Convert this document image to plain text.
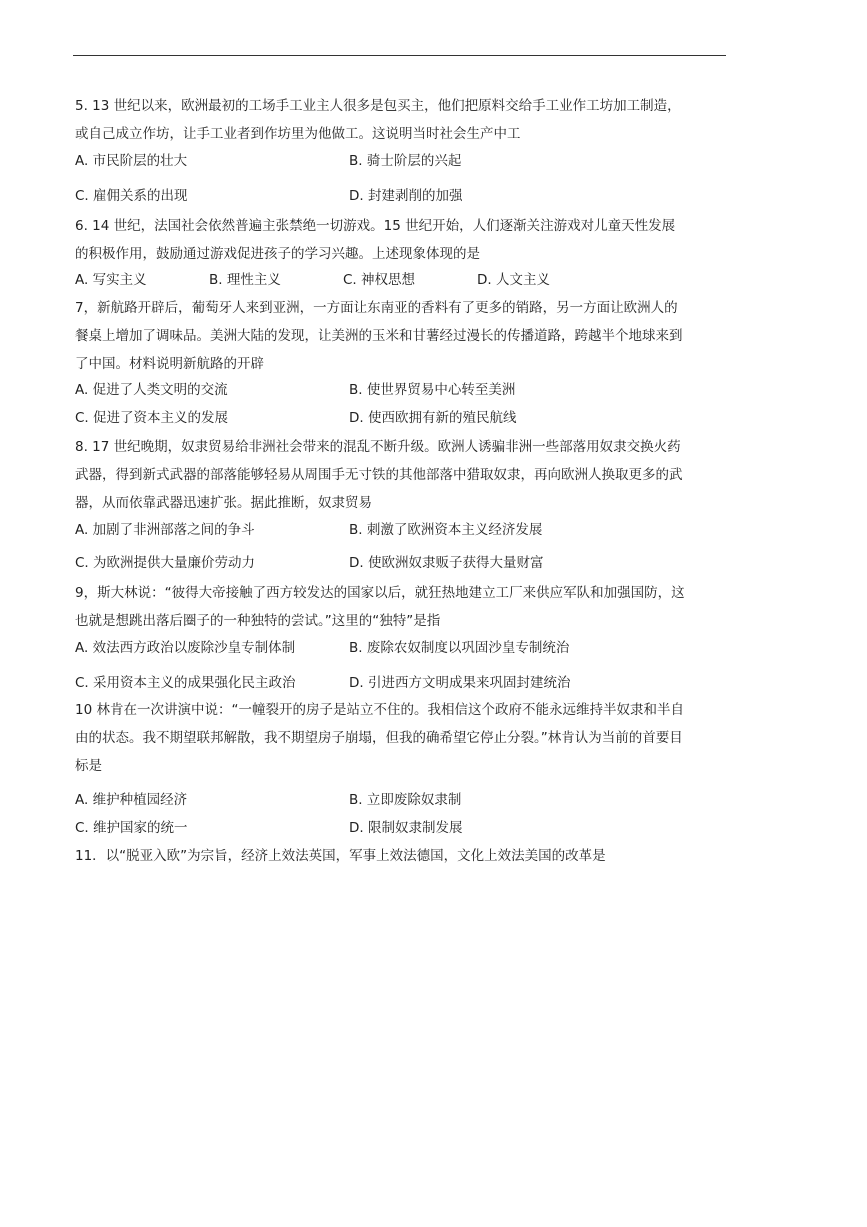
5. 13 世纪以来，欧洲最初的工场手工业主人很多是包买主，他们把原料交给手工业作工坊加工制造，或自己成立作坊，让手工业者到作坊里为他做工。这说明当时社会生产中工

A. 市民阶层的壮大	B. 骑士阶层的兴起
C. 雇佣关系的出现	D. 封建剥削的加强

6. 14 世纪，法国社会依然普遍主张禁绝一切游戏。15 世纪开始，人们逐渐关注游戏对儿童天性发展的积极作用，鼓励通过游戏促进孩子的学习兴趣。上述现象体现的是

A. 写实主义	B. 理性主义	C. 神权思想	D. 人文主义

7，新航路开辟后，葡萄牙人来到亚洲，一方面让东南亚的香料有了更多的销路，另一方面让欧洲人的餐桌上增加了调味品。美洲大陆的发现，让美洲的玉米和甘薯经过漫长的传播道路，跨越半个地球来到了中国。材料说明新航路的开辟

A. 促进了人类文明的交流	B. 使世界贸易中心转至美洲
C. 促进了资本主义的发展	D. 使西欧拥有新的殖民航线

8. 17 世纪晚期，奴隶贸易给非洲社会带来的混乱不断升级。欧洲人诱骗非洲一些部落用奴隶交换火药武器，得到新式武器的部落能够轻易从周围手无寸铁的其他部落中猎取奴隶，再向欧洲人换取更多的武器，从而依靠武器迅速扩张。据此推断，奴隶贸易

A. 加剧了非洲部落之间的争斗	B. 刺激了欧洲资本主义经济发展
C. 为欧洲提供大量廉价劳动力	D. 使欧洲奴隶贩子获得大量财富

9，斯大林说：“彼得大帝接触了西方较发达的国家以后，就狂热地建立工厂来供应军队和加强国防，这也就是想跳出落后圈子的一种独特的尝试。”这里的“独特”是指

A. 效法西方政治以废除沙皇专制体制	B. 废除农奴制度以巩固沙皇专制统治
C. 采用资本主义的成果强化民主政治	D. 引进西方文明成果来巩固封建统治

10 林肯在一次讲演中说：“一幢裂开的房子是站立不住的。我相信这个政府不能永远维持半奴隶和半自由的状态。我不期望联邦解散，我不期望房子崩塌，但我的确希望它停止分裂。”林肯认为当前的首要目标是

A. 维护种植园经济	B. 立即废除奴隶制
C. 维护国家的统一	D. 限制奴隶制发展

11．以“脱亚入欧”为宗旨，经济上效法英国，军事上效法德国，文化上效法美国的改革是
